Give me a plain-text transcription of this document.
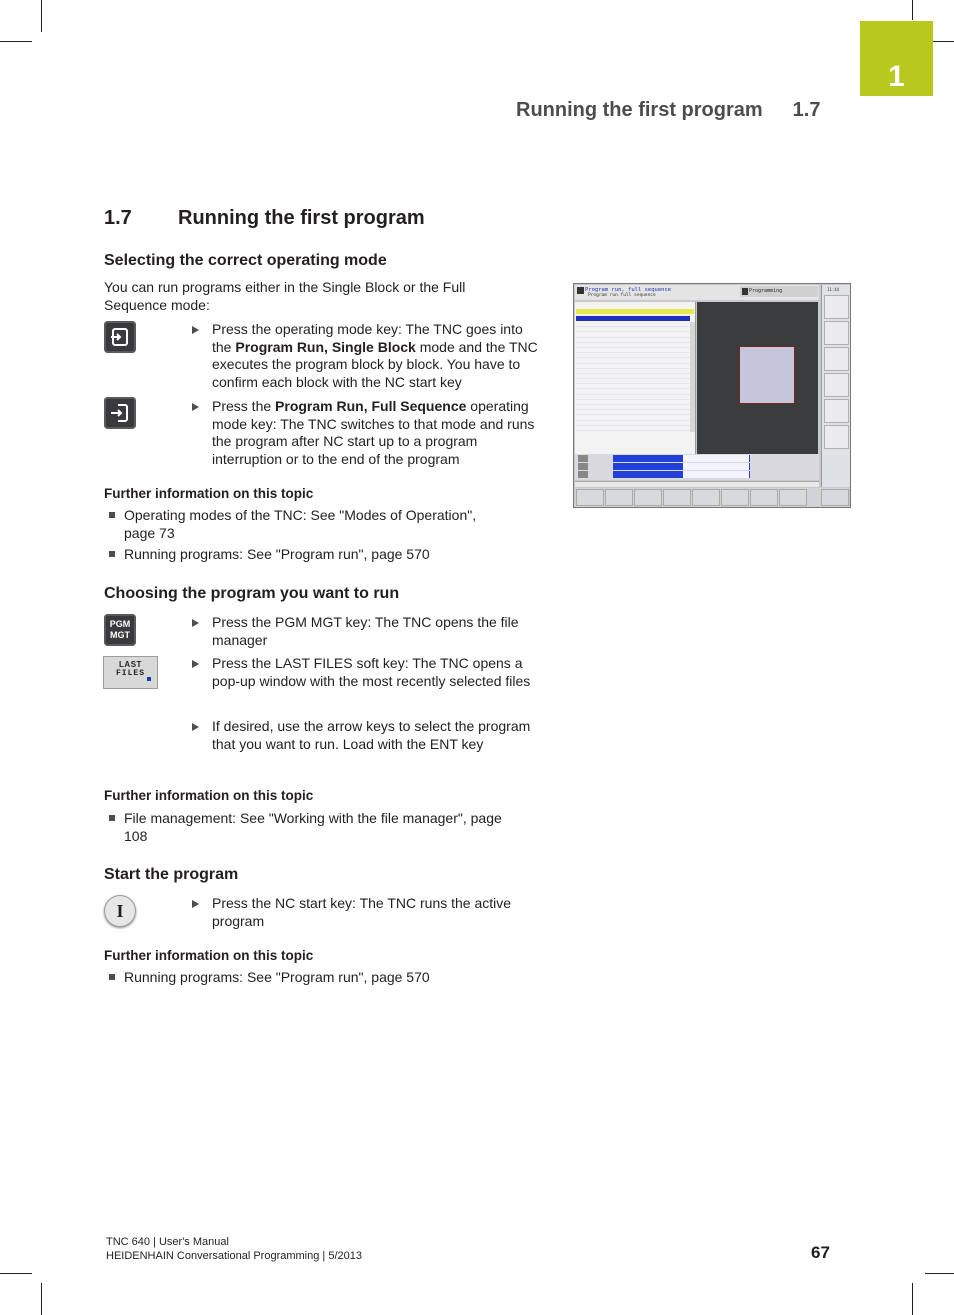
1
Running the first program 1.7
1.7 Running the first program
Selecting the correct operating mode
You can run programs either in the Single Block or the Full Sequence mode:
Press the operating mode key: The TNC goes into the Program Run, Single Block mode and the TNC executes the program block by block. You have to confirm each block with the NC start key
Press the Program Run, Full Sequence operating mode key: The TNC switches to that mode and runs the program after NC start up to a program interruption or to the end of the program
Further information on this topic
Operating modes of the TNC: See "Modes of Operation", page 73
Running programs: See "Program run", page 570
Choosing the program you want to run
PGM
MGT
Press the PGM MGT key: The TNC opens the file manager
LAST
FILES
Press the LAST FILES soft key: The TNC opens a pop-up window with the most recently selected files
If desired, use the arrow keys to select the program that you want to run. Load with the ENT key
Further information on this topic
File management: See "Working with the file manager", page 108
Start the program
I	Press the NC start key: The TNC runs the active program
Further information on this topic
Running programs: See "Program run", page 570
Program run, full sequence
Program run full sequence
Programming	11:44
TNC 640 | User's Manual
HEIDENHAIN Conversational Programming | 5/2013	67
